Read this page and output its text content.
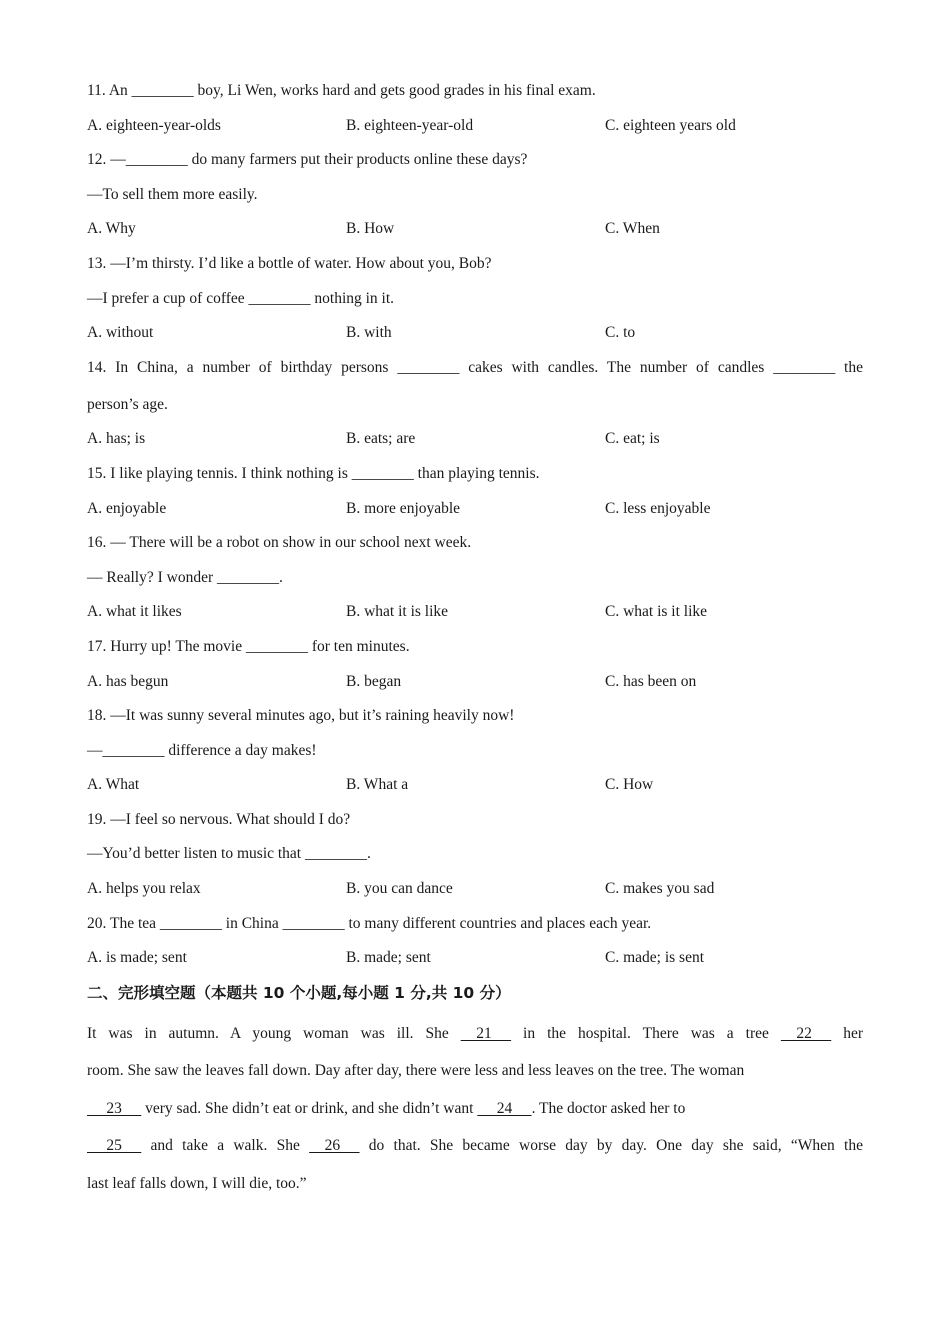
11. An ________ boy, Li Wen, works hard and gets good grades in his final exam.
A. eighteen-year-olds	B. eighteen-year-old	C. eighteen years old
12. —________ do many farmers put their products online these days?
—To sell them more easily.
A. Why	B. How	C. When
13. —I’m thirsty. I’d like a bottle of water. How about you, Bob?
—I prefer a cup of coffee ________ nothing in it.
A. without	B. with	C. to
14. In China, a number of birthday persons ________ cakes with candles. The number of candles ________ the
person’s age.
A. has; is	B. eats; are	C. eat; is
15. I like playing tennis. I think nothing is ________ than playing tennis.
A. enjoyable	B. more enjoyable	C. less enjoyable
16. — There will be a robot on show in our school next week.
— Really? I wonder ________.
A. what it likes	B. what it is like	C. what is it like
17. Hurry up! The movie ________ for ten minutes.
A. has begun	B. began	C. has been on
18. —It was sunny several minutes ago, but it’s raining heavily now!
—________ difference a day makes!
A. What	B. What a	C. How
19. —I feel so nervous. What should I do?
—You’d better listen to music that ________.
A. helps you relax	B. you can dance	C. makes you sad
20. The tea ________ in China ________ to many different countries and places each year.
A. is made; sent	B. made; sent	C. made; is sent
二、完形填空题（本题共 10 个小题,每小题 1 分,共 10 分）
It was in autumn. A young woman was ill. She     21      in the hospital. There was a tree     22      her
room. She saw the leaves fall down. Day after day, there were less and less leaves on the tree. The woman
23      very sad. She didn’t eat or drink, and she didn’t want      24     . The doctor asked her to
25      and take a walk. She     26      do that. She became worse day by day. One day she said, “When the
last leaf falls down, I will die, too.”
